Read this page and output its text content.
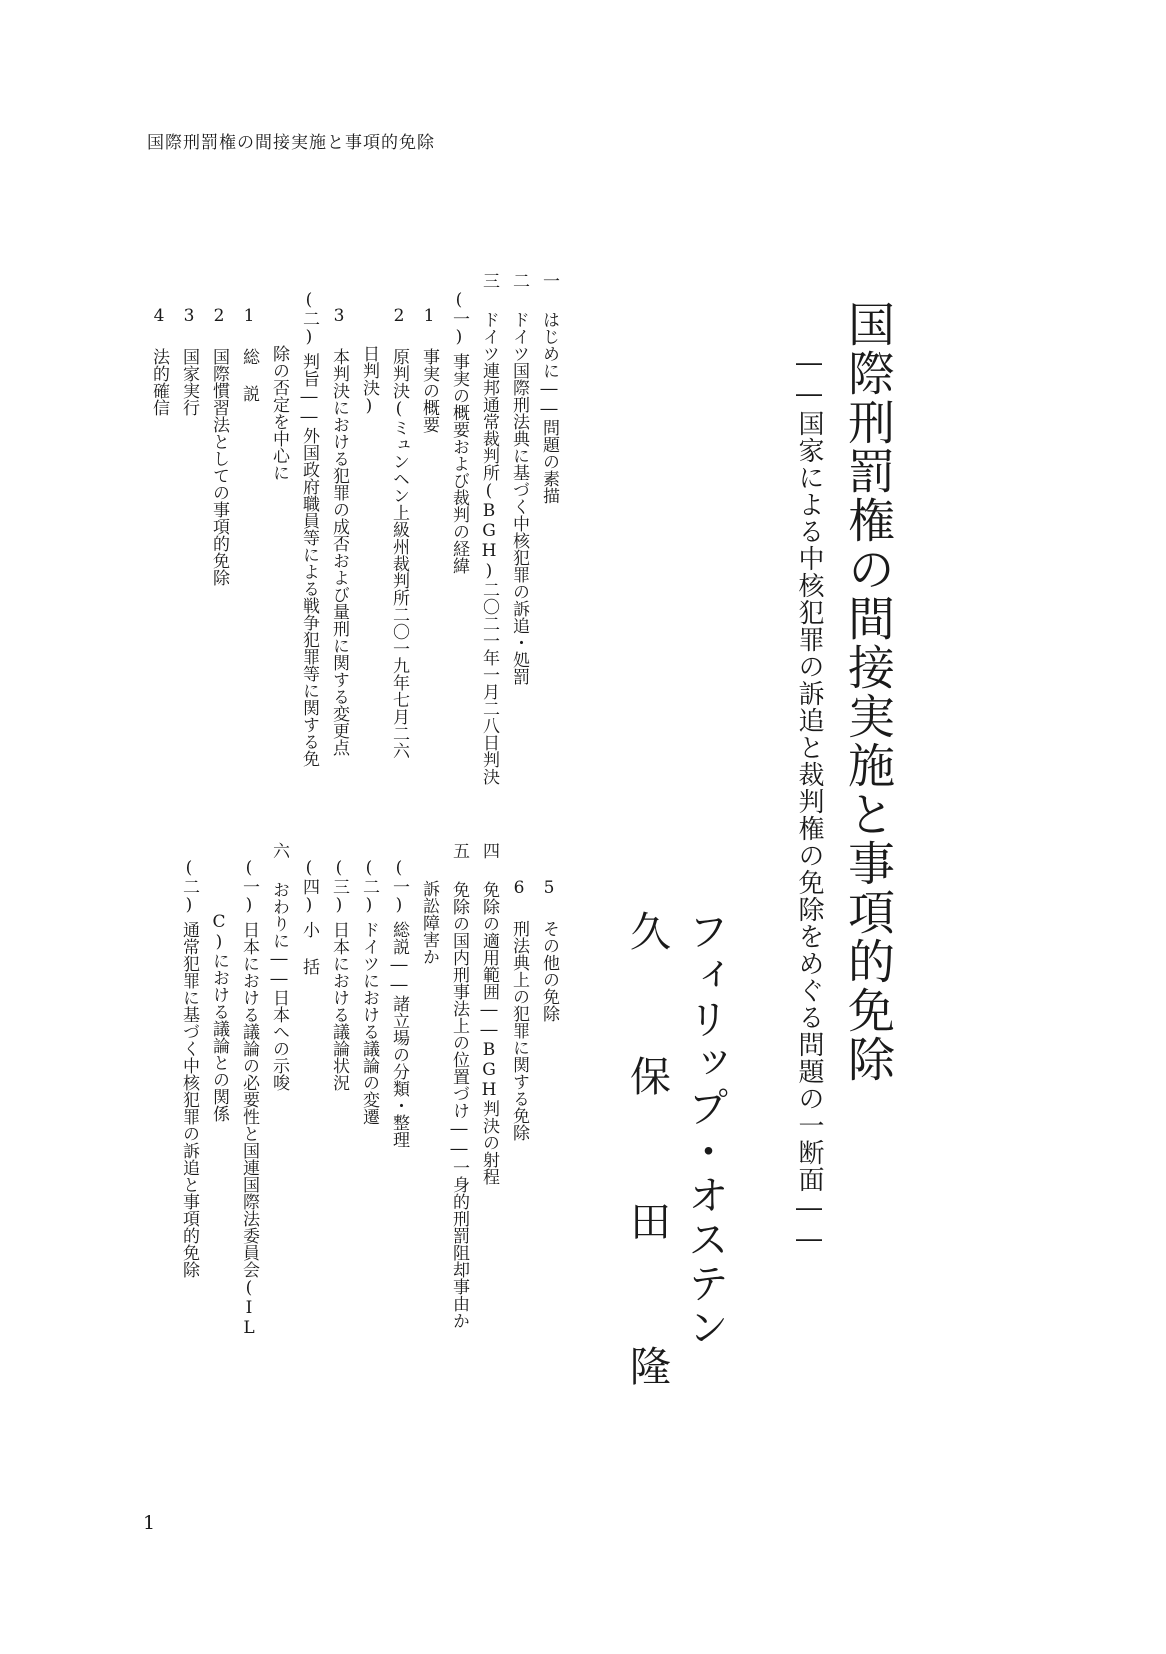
国際刑罰権の間接実施と事項的免除
国際刑罰権の間接実施と事項的免除
――国家による中核犯罪の訴追と裁判権の免除をめぐる問題の一断面――
フィリップ・オステン
久 保 田 隆
一はじめに――問題の素描
二ドイツ国際刑法典に基づく中核犯罪の訴追・処罰
三ドイツ連邦通常裁判所(BGH)二〇二一年一月二八日判決
(一)事実の概要および裁判の経緯
1事実の概要
2原判決(ミュンヘン上級州裁判所二〇一九年七月二六
日判決)
3本判決における犯罪の成否および量刑に関する変更点
(二)判旨――外国政府職員等による戦争犯罪等に関する免
除の否定を中心に
1総 説
2国際慣習法としての事項的免除
3国家実行
4法的確信
5その他の免除
6刑法典上の犯罪に関する免除
四免除の適用範囲――BGH判決の射程
五免除の国内刑事法上の位置づけ――一身的刑罰阻却事由か
訴訟障害か
(一)総説――諸立場の分類・整理
(二)ドイツにおける議論の変遷
(三)日本における議論状況
(四)小 括
六おわりに――日本への示唆
(一)日本における議論の必要性と国連国際法委員会(IL
C)における議論との関係
(二)通常犯罪に基づく中核犯罪の訴追と事項的免除
1
